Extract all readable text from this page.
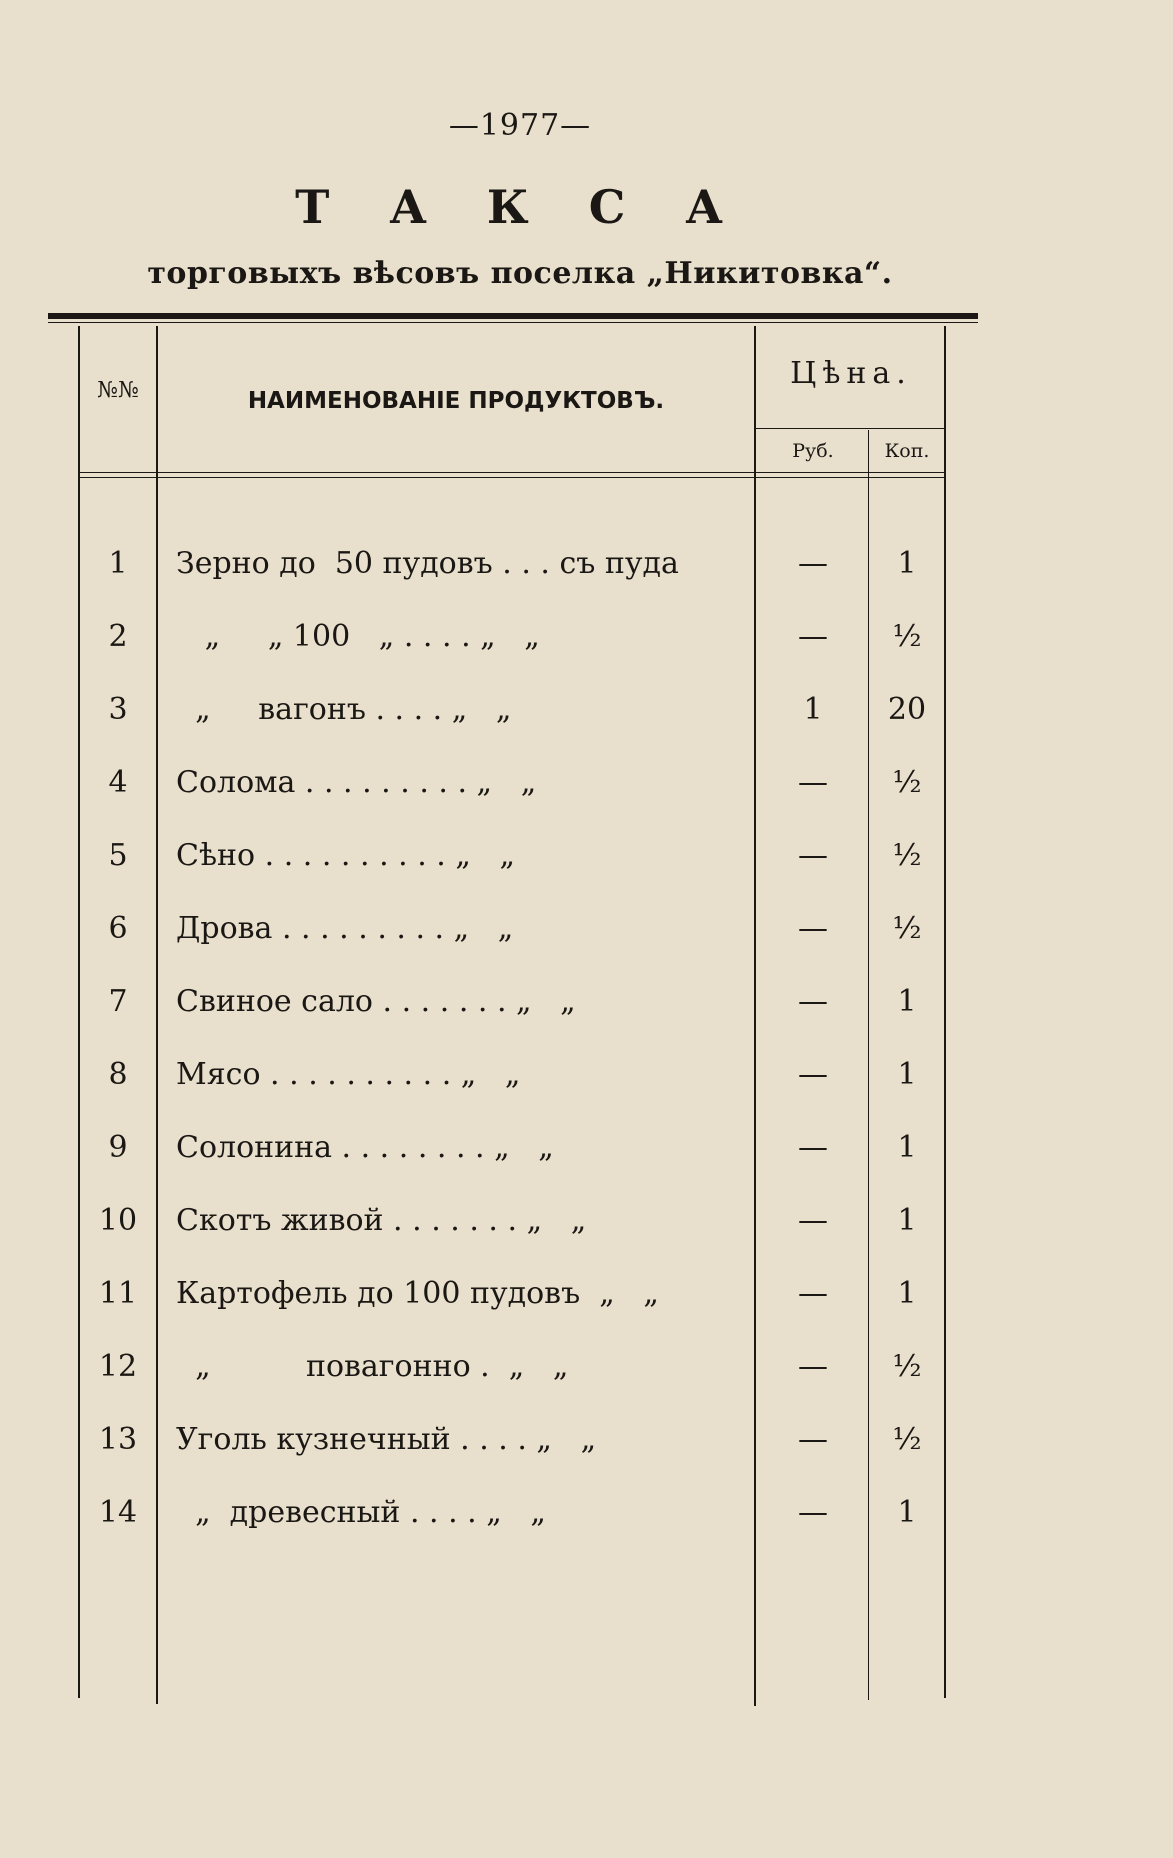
—1977—
Т А К С А
торговыхъ вѣсовъ поселка „Никитовка“.
№№	НАИМЕНОВАНІЕ ПРОДУКТОВЪ.
Цѣна.
Руб.	Коп.
1	Зерно до  50 пудовъ . . . съ пуда	—	1
2	„     „ 100   „ . . . . „   „	—	½
3	„     вагонъ . . . . „   „	1	20
4	Солома . . . . . . . . . „   „	—	½
5	Сѣно . . . . . . . . . . „   „	—	½
6	Дрова . . . . . . . . . „   „	—	½
7	Свиное сало . . . . . . . „   „	—	1
8	Мясо . . . . . . . . . . „   „	—	1
9	Солонина . . . . . . . . „   „	—	1
10	Скотъ живой . . . . . . . „   „	—	1
11	Картофель до 100 пудовъ  „   „	—	1
12	„          повагонно .  „   „	—	½
13	Уголь кузнечный . . . . „   „	—	½
14	„  древесный . . . . „   „	—	1
